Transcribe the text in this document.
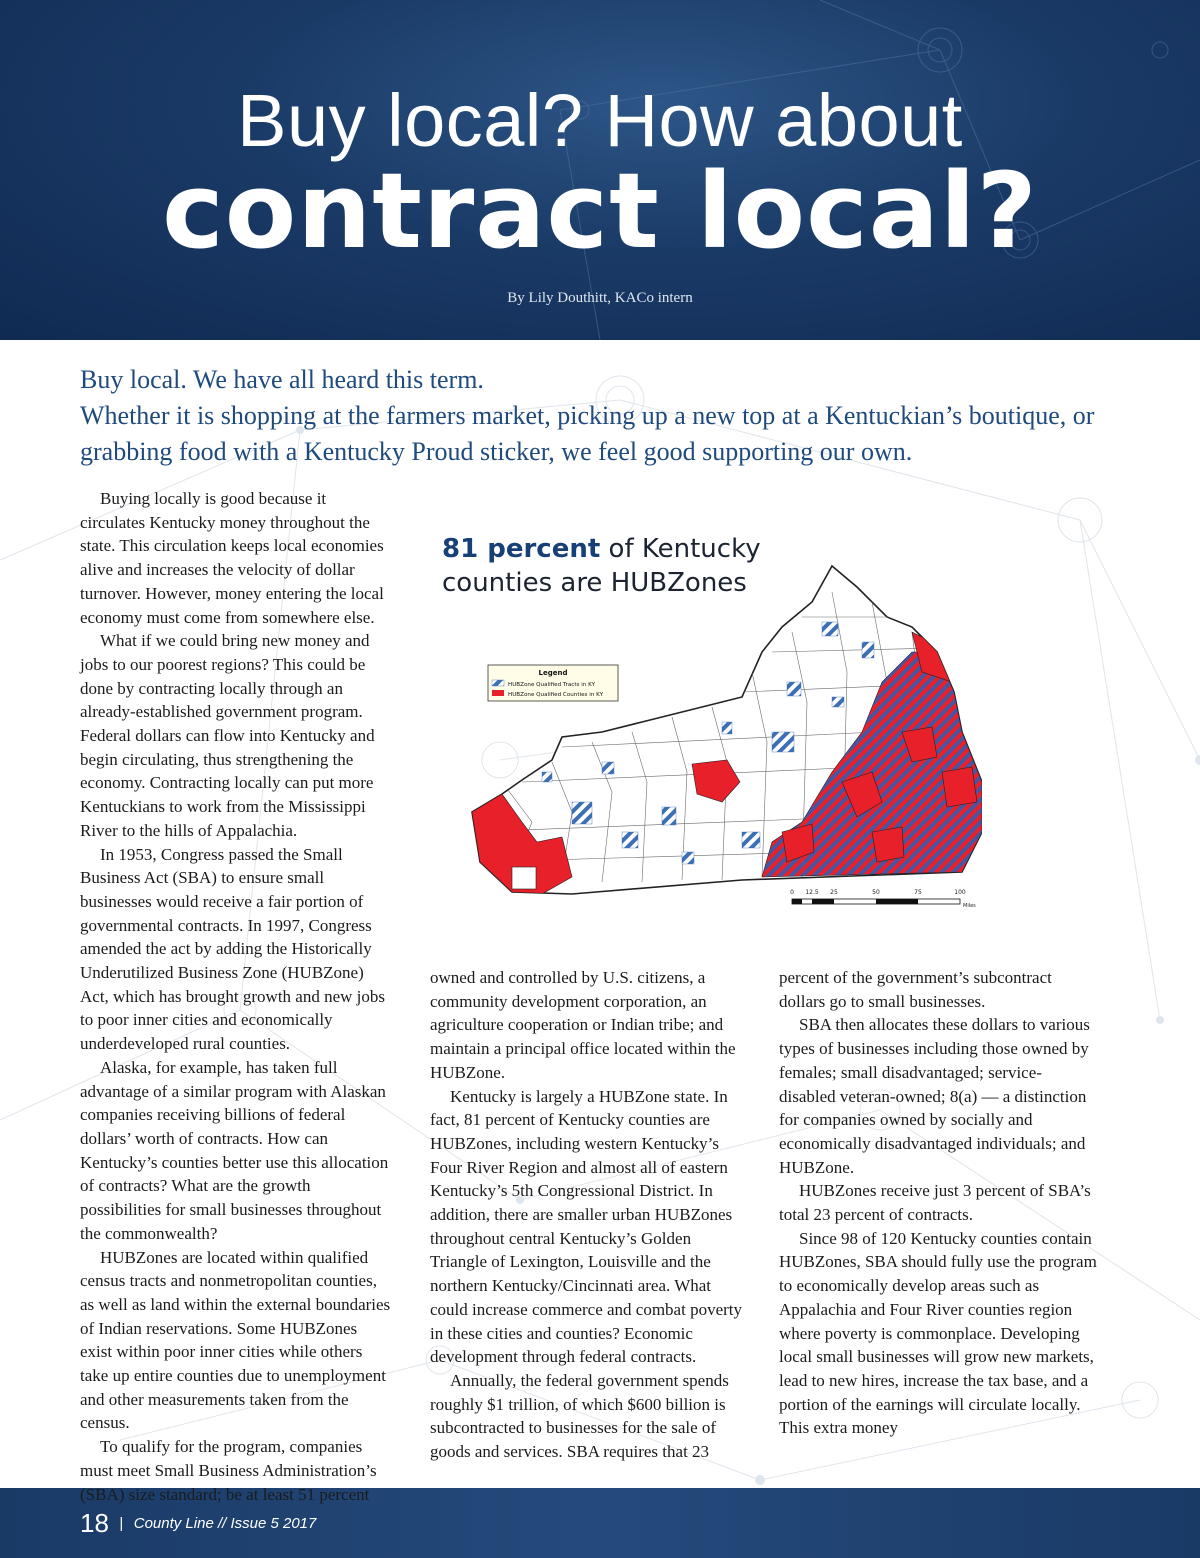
Buy local? How about
contract local?
By Lily Douthitt, KACo intern
Buy local. We have all heard this term.
Whether it is shopping at the farmers market, picking up a new top at a Kentuckian’s boutique, or grabbing food with a Kentucky Proud sticker, we feel good supporting our own.

Buying locally is good because it circulates Kentucky money throughout the state. This circulation keeps local economies alive and increases the velocity of dollar turnover. However, money entering the local economy must come from somewhere else.

What if we could bring new money and jobs to our poorest regions? This could be done by contracting locally through an already-established government program. Federal dollars can flow into Kentucky and begin circulating, thus strengthening the economy. Contracting locally can put more Kentuckians to work from the Mississippi River to the hills of Appalachia.

In 1953, Congress passed the Small Business Act (SBA) to ensure small businesses would receive a fair portion of governmental contracts. In 1997, Congress amended the act by adding the Historically Underutilized Business Zone (HUBZone) Act, which has brought growth and new jobs to poor inner cities and economically underdeveloped rural counties.

Alaska, for example, has taken full advantage of a similar program with Alaskan companies receiving billions of federal dollars’ worth of contracts. How can Kentucky’s counties better use this allocation of contracts? What are the growth possibilities for small businesses throughout the commonwealth?

HUBZones are located within qualified census tracts and nonmetropolitan counties, as well as land within the external boundaries of Indian reservations. Some HUBZones exist within poor inner cities while others take up entire counties due to unemployment and other measurements taken from the census.

To qualify for the program, companies must meet Small Business Administration’s (SBA) size standard; be at least 51 percent

Legend
HUBZone Qualified Tracts in KY
HUBZone Qualified Counties in KY
0 12.5 25	50	75	100
Miles
81 percent of Kentucky counties are HUBZones

owned and controlled by U.S. citizens, a community development corporation, an agriculture cooperation or Indian tribe; and maintain a principal office located within the HUBZone.

Kentucky is largely a HUBZone state. In fact, 81 percent of Kentucky counties are HUBZones, including western Kentucky’s Four River Region and almost all of eastern Kentucky’s 5th Congressional District. In addition, there are smaller urban HUBZones throughout central Kentucky’s Golden Triangle of Lexington, Louisville and the northern Kentucky/Cincinnati area. What could increase commerce and combat poverty in these cities and counties? Economic development through federal contracts.

Annually, the federal government spends roughly $1 trillion, of which $600 billion is subcontracted to businesses for the sale of goods and services. SBA requires that 23

percent of the government’s subcontract dollars go to small businesses.

SBA then allocates these dollars to various types of businesses including those owned by females; small disadvantaged; service-disabled veteran-owned; 8(a) — a distinction for companies owned by socially and economically disadvantaged individuals; and HUBZone.

HUBZones receive just 3 percent of SBA’s total 23 percent of contracts.

Since 98 of 120 Kentucky counties contain HUBZones, SBA should fully use the program to economically develop areas such as Appalachia and Four River counties region where poverty is commonplace. Developing local small businesses will grow new markets, lead to new hires, increase the tax base, and a portion of the earnings will circulate locally. This extra money

18 | County Line // Issue 5 2017
